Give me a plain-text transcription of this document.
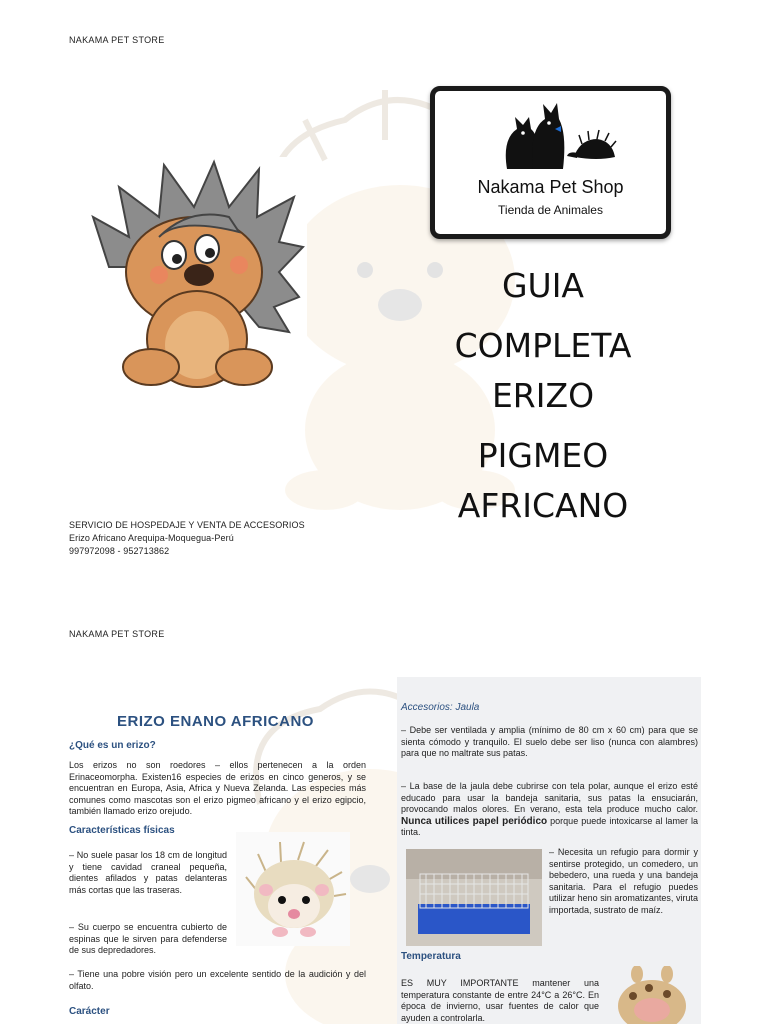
NAKAMA PET STORE
Nakama Pet Shop
Tienda de Animales
GUIA
COMPLETA
ERIZO
PIGMEO
AFRICANO
SERVICIO DE HOSPEDAJE Y VENTA DE ACCESORIOS
Erizo Africano Arequipa-Moquegua-Perú
997972098 - 952713862
NAKAMA PET STORE
ERIZO ENANO AFRICANO
¿Qué es un erizo?
Los erizos no son roedores – ellos pertenecen a la orden Erinaceomorpha. Existen16 especies de erizos en cinco generos, y se encuentran en Europa, Asia, Africa y Nueva Zelanda. Las especies más comunes como mascotas son el erizo pigmeo africano y el erizo egipcio, también llamado erizo orejudo.
Características físicas
– No suele pasar los 18 cm de longitud y tiene cavidad craneal pequeña, dientes afilados y patas delanteras más cortas que las traseras.
– Su cuerpo se encuentra cubierto de espinas que le sirven para defenderse de sus depredadores.
– Tiene una pobre visión pero un excelente sentido de la audición y del olfato.
Carácter
Accesorios: Jaula
– Debe ser ventilada y amplia (mínimo de 80 cm x 60 cm) para que se sienta cómodo y tranquilo. El suelo debe ser liso (nunca con alambres) para que no maltrate sus patas.
– La base de la jaula debe cubrirse con tela polar, aunque el erizo esté educado para usar la bandeja sanitaria, sus patas la ensuciarán, provocando malos olores. En verano, esta tela produce mucho calor. Nunca utilices papel periódico porque puede intoxicarse al lamer la tinta.
– Necesita un refugio para dormir y sentirse protegido, un comedero, un bebedero, una rueda y una bandeja sanitaria. Para el refugio puedes utilizar heno sin aromatizantes, viruta importada, sustrato de maíz.
Temperatura
ES MUY IMPORTANTE mantener una temperatura constante de entre 24°C a 26°C. En época de invierno, usar fuentes de calor que ayuden a controlarla.
